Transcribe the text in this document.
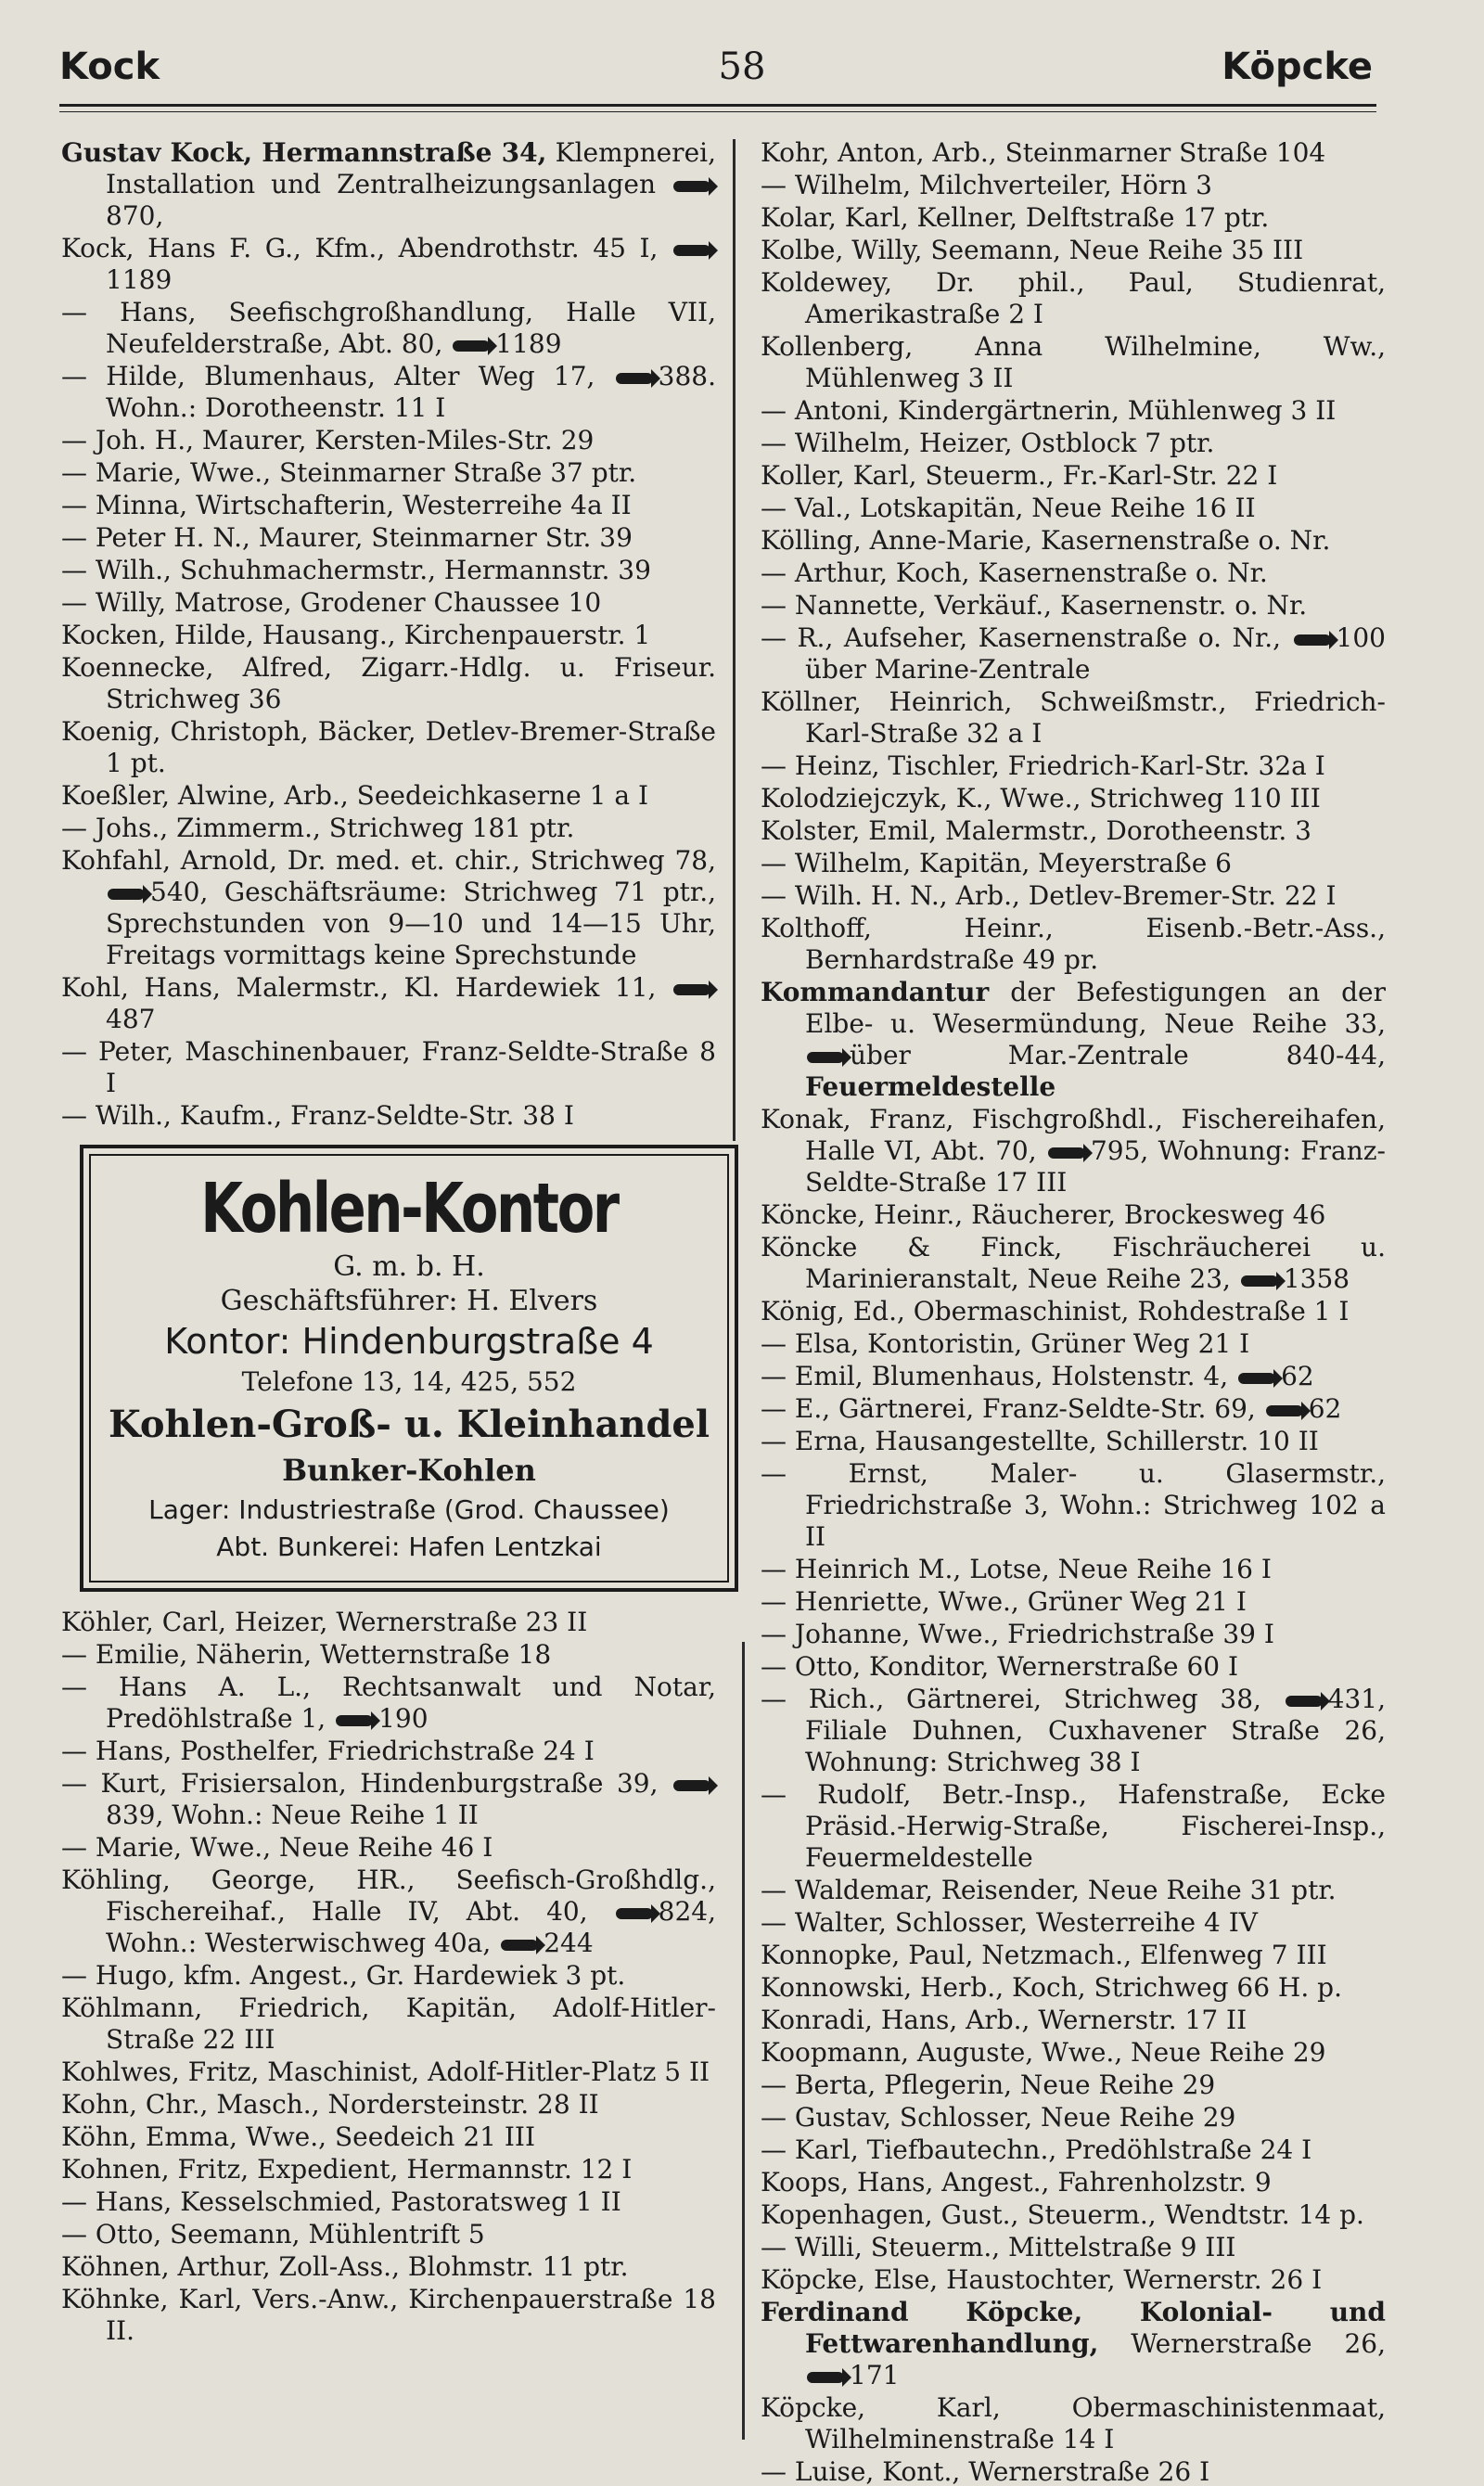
Kock	58	Köpcke
Gustav Kock, Hermannstraße 34, Klempnerei, Installation und Zentralheizungsanlagen 870,
Kock, Hans F. G., Kfm., Abendrothstr. 45 I, 1189
— Hans, Seefischgroßhandlung, Halle VII, Neufelderstraße, Abt. 80, 1189
— Hilde, Blumenhaus, Alter Weg 17, 388. Wohn.: Dorotheenstr. 11 I
— Joh. H., Maurer, Kersten-Miles-Str. 29
— Marie, Wwe., Steinmarner Straße 37 ptr.
— Minna, Wirtschafterin, Westerreihe 4a II
— Peter H. N., Maurer, Steinmarner Str. 39
— Wilh., Schuhmachermstr., Hermannstr. 39
— Willy, Matrose, Grodener Chaussee 10
Kocken, Hilde, Hausang., Kirchenpauerstr. 1
Koennecke, Alfred, Zigarr.-Hdlg. u. Friseur. Strichweg 36
Koenig, Christoph, Bäcker, Detlev-Bremer-Straße 1 pt.
Koeßler, Alwine, Arb., Seedeichkaserne 1 a I
— Johs., Zimmerm., Strichweg 181 ptr.
Kohfahl, Arnold, Dr. med. et. chir., Strichweg 78, 540, Geschäftsräume: Strichweg 71 ptr., Sprechstunden von 9—10 und 14—15 Uhr, Freitags vormittags keine Sprechstunde
Kohl, Hans, Malermstr., Kl. Hardewiek 11, 487
— Peter, Maschinenbauer, Franz-Seldte-Straße 8 I
— Wilh., Kaufm., Franz-Seldte-Str. 38 I
Kohlen-Kontor
G. m. b. H.
Geschäftsführer: H. Elvers
Kontor: Hindenburgstraße 4
Telefone 13, 14, 425, 552
Kohlen-Groß- u. Kleinhandel
Bunker-Kohlen
Lager: Industriestraße (Grod. Chaussee)
Abt. Bunkerei: Hafen Lentzkai
Köhler, Carl, Heizer, Wernerstraße 23 II
— Emilie, Näherin, Wetternstraße 18
— Hans A. L., Rechtsanwalt und Notar, Predöhlstraße 1, 190
— Hans, Posthelfer, Friedrichstraße 24 I
— Kurt, Frisiersalon, Hindenburgstraße 39, 839, Wohn.: Neue Reihe 1 II
— Marie, Wwe., Neue Reihe 46 I
Köhling, George, HR., Seefisch-Großhdlg., Fischereihaf., Halle IV, Abt. 40,	824, Wohn.: Westerwischweg 40a, 244
— Hugo, kfm. Angest., Gr. Hardewiek 3 pt.
Köhlmann, Friedrich, Kapitän, Adolf-Hitler-Straße 22 III
Kohlwes, Fritz, Maschinist, Adolf-Hitler-Platz 5 II
Kohn, Chr., Masch., Nordersteinstr. 28 II
Köhn, Emma, Wwe., Seedeich 21 III
Kohnen, Fritz, Expedient, Hermannstr. 12 I
— Hans, Kesselschmied, Pastoratsweg 1 II
— Otto, Seemann, Mühlentrift 5
Köhnen, Arthur, Zoll-Ass., Blohmstr. 11 ptr.
Köhnke, Karl, Vers.-Anw., Kirchenpauerstraße 18 II.
Kohr, Anton, Arb., Steinmarner Straße 104
— Wilhelm, Milchverteiler, Hörn 3
Kolar, Karl, Kellner, Delftstraße 17 ptr.
Kolbe, Willy, Seemann, Neue Reihe 35 III
Koldewey, Dr. phil., Paul, Studienrat, Amerikastraße 2 I
Kollenberg, Anna Wilhelmine, Ww., Mühlenweg 3 II
— Antoni, Kindergärtnerin, Mühlenweg 3 II
— Wilhelm, Heizer, Ostblock 7 ptr.
Koller, Karl, Steuerm., Fr.-Karl-Str. 22 I
— Val., Lotskapitän, Neue Reihe 16 II
Kölling, Anne-Marie, Kasernenstraße o. Nr.
— Arthur, Koch, Kasernenstraße o. Nr.
— Nannette, Verkäuf., Kasernenstr. o. Nr.
— R., Aufseher, Kasernenstraße o. Nr., 100 über Marine-Zentrale
Köllner, Heinrich, Schweißmstr., Friedrich-Karl-Straße 32 a I
— Heinz, Tischler, Friedrich-Karl-Str. 32a I
Kolodziejczyk, K., Wwe., Strichweg 110 III
Kolster, Emil, Malermstr., Dorotheenstr. 3
— Wilhelm, Kapitän, Meyerstraße 6
— Wilh. H. N., Arb., Detlev-Bremer-Str. 22 I
Kolthoff, Heinr., Eisenb.-Betr.-Ass., Bernhardstraße 49 pr.
Kommandantur der Befestigungen an der Elbe- u. Wesermündung, Neue Reihe 33, über	Mar.-Zentrale 840-44, Feuermeldestelle
Konak, Franz, Fischgroßhdl., Fischereihafen, Halle VI, Abt. 70, 795, Wohnung: Franz-Seldte-Straße 17 III
Köncke, Heinr., Räucherer, Brockesweg 46
Köncke & Finck, Fischräucherei u. Marinieranstalt, Neue Reihe 23, 1358
König, Ed., Obermaschinist, Rohdestraße 1 I
— Elsa, Kontoristin, Grüner Weg 21 I
— Emil, Blumenhaus, Holstenstr. 4, 62
— E., Gärtnerei, Franz-Seldte-Str. 69, 62
— Erna, Hausangestellte, Schillerstr. 10 II
— Ernst, Maler- u. Glasermstr., Friedrichstraße 3, Wohn.: Strichweg 102 a II
— Heinrich M., Lotse, Neue Reihe 16 I
— Henriette, Wwe., Grüner Weg 21 I
— Johanne, Wwe., Friedrichstraße 39 I
— Otto, Konditor, Wernerstraße 60 I
— Rich., Gärtnerei, Strichweg 38,	431, Filiale Duhnen, Cuxhavener Straße 26, Wohnung: Strichweg 38 I
— Rudolf, Betr.-Insp., Hafenstraße, Ecke Präsid.-Herwig-Straße, Fischerei-Insp., Feuermeldestelle
— Waldemar, Reisender, Neue Reihe 31 ptr.
— Walter, Schlosser, Westerreihe 4 IV
Konnopke, Paul, Netzmach., Elfenweg 7 III
Konnowski, Herb., Koch, Strichweg 66 H. p.
Konradi, Hans, Arb., Wernerstr. 17 II
Koopmann, Auguste, Wwe., Neue Reihe 29
— Berta, Pflegerin, Neue Reihe 29
— Gustav, Schlosser, Neue Reihe 29
— Karl, Tiefbautechn., Predöhlstraße 24 I
Koops, Hans, Angest., Fahrenholzstr. 9
Kopenhagen, Gust., Steuerm., Wendtstr. 14 p.
— Willi, Steuerm., Mittelstraße 9 III
Köpcke, Else, Haustochter, Wernerstr. 26 I
Ferdinand Köpcke, Kolonial- und Fettwarenhandlung, Wernerstraße 26, 171
Köpcke, Karl, Obermaschinistenmaat, Wilhelminenstraße 14 I
— Luise, Kont., Wernerstraße 26 I
